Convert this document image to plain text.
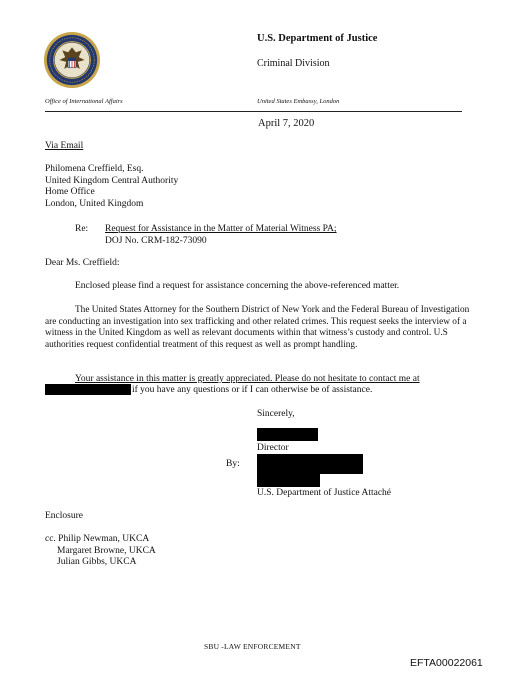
U.S. Department of Justice
Criminal Division
Office of International Affairs	United States Embassy, London
April 7, 2020
Via Email
Philomena Creffield, Esq.
United Kingdom Central Authority
Home Office
London, United Kingdom
Re: Request for Assistance in the Matter of Material Witness PA;
DOJ No. CRM-182-73090
Dear Ms. Creffield:
Enclosed please find a request for assistance concerning the above-referenced matter.
The United States Attorney for the Southern District of New York and the Federal Bureau of Investigation are conducting an investigation into sex trafficking and other related crimes. This request seeks the interview of a witness in the United Kingdom as well as relevant documents within that witness’s custody and control. U.S authorities request confidential treatment of this request as well as prompt handling.
Your assistance in this matter is greatly appreciated. Please do not hesitate to contact me at
if you have any questions or if I can otherwise be of assistance.
Sincerely,
Director
By:
U.S. Department of Justice Attaché
Enclosure
cc. Philip Newman, UKCA
Margaret Browne, UKCA
Julian Gibbs, UKCA
SBU -LAW ENFORCEMENT
EFTA00022061
